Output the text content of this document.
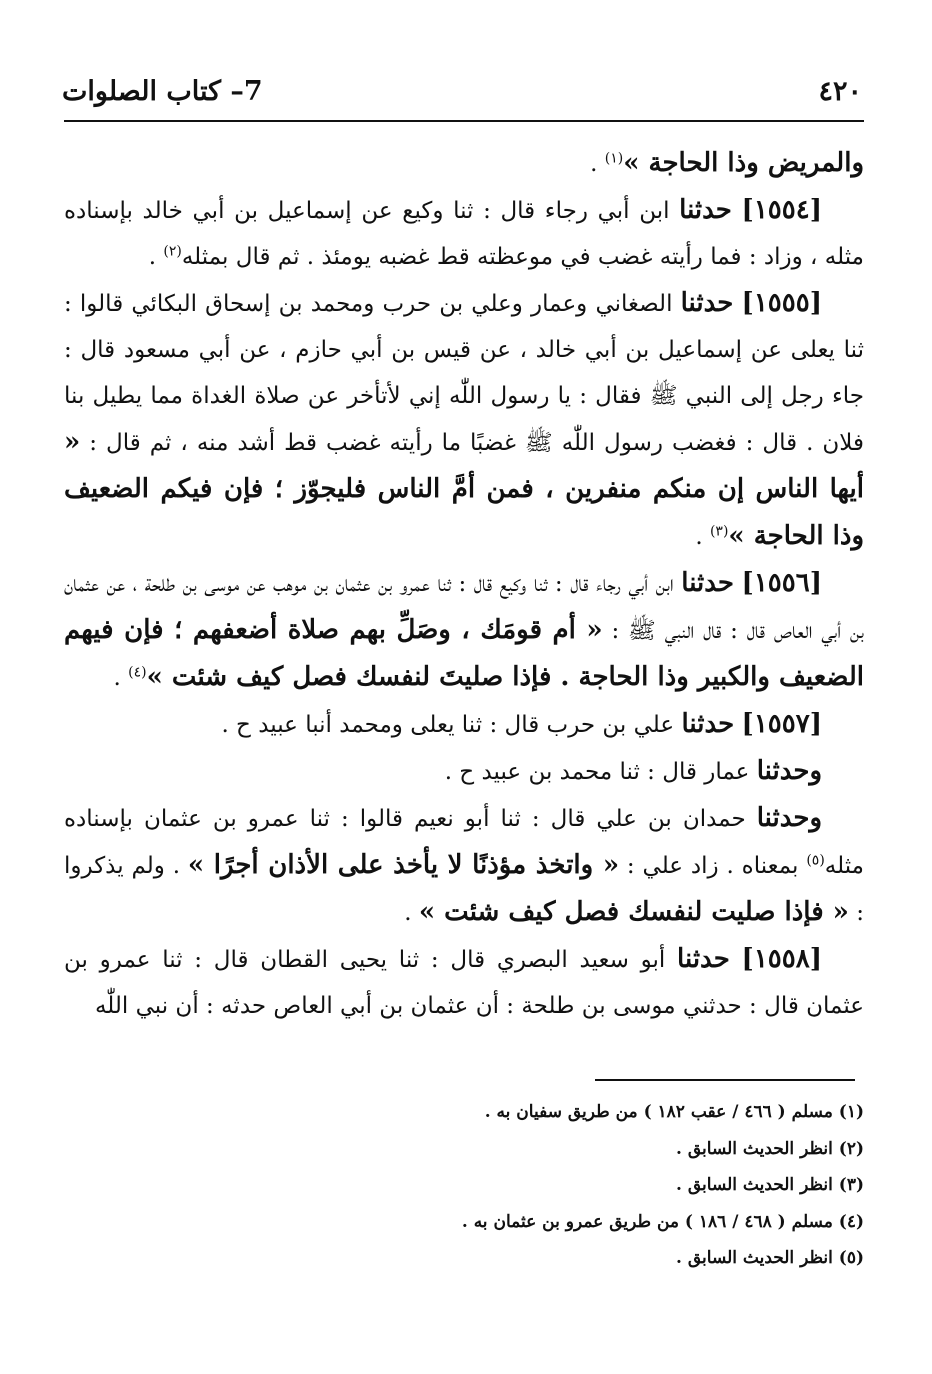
٤٢٠
7– كتاب الصلوات

والمريض وذا الحاجة »$^{(١)}$ .

[١٥٥٤] حدثنا ابن أبي رجاء قال : ثنا وكيع عن إسماعيل بن أبي خالد بإسناده مثله ، وزاد : فما رأيته غضب في موعظته قط غضبه يومئذ . ثم قال بمثله$^{(٢)}$ .

[١٥٥٥] حدثنا الصغاني وعمار وعلي بن حرب ومحمد بن إسحاق البكائي قالوا : ثنا يعلى عن إسماعيل بن أبي خالد ، عن قيس بن أبي حازم ، عن أبي مسعود قال : جاء رجل إلى النبي ﷺ فقال : يا رسول اللّٰه إني لأتأخر عن صلاة الغداة مما يطيل بنا فلان . قال : فغضب رسول اللّٰه ﷺ غضبًا ما رأيته غضب قط أشد منه ، ثم قال : « أيها الناس إن منكم منفرين ، فمن أمَّ الناس فليجوّز ؛ فإن فيكم الضعيف وذا الحاجة »$^{(٣)}$ .

[١٥٥٦] حدثنا ابن أبي رجاء قال : ثنا وكيع قال : ثنا عمرو بن عثمان بن موهب عن موسى بن طلحة ، عن عثمان بن أبي العاص قال : قال النبي ﷺ : « أم قومَك ، وصَلِّ بهم صلاة أضعفهم ؛ فإن فيهم الضعيف والكبير وذا الحاجة . فإذا صليتَ لنفسك فصل كيف شئت »$^{(٤)}$ .

[١٥٥٧] حدثنا علي بن حرب قال : ثنا يعلى ومحمد أنبا عبيد ح .

وحدثنا عمار قال : ثنا محمد بن عبيد ح .

وحدثنا حمدان بن علي قال : ثنا أبو نعيم قالوا : ثنا عمرو بن عثمان بإسناده مثله$^{(٥)}$ بمعناه . زاد علي : « واتخذ مؤذنًا لا يأخذ على الأذان أجرًا » . ولم يذكروا : « فإذا صليت لنفسك فصل كيف شئت » .

[١٥٥٨] حدثنا أبو سعيد البصري قال : ثنا يحيى القطان قال : ثنا عمرو بن عثمان قال : حدثني موسى بن طلحة : أن عثمان بن أبي العاص حدثه : أن نبي اللّٰه

(١) مسلم ( ٤٦٦ / عقب ١٨٢ ) من طريق سفيان به .
(٢) انظر الحديث السابق .
(٣) انظر الحديث السابق .
(٤) مسلم ( ٤٦٨ / ١٨٦ ) من طريق عمرو بن عثمان به .
(٥) انظر الحديث السابق .
